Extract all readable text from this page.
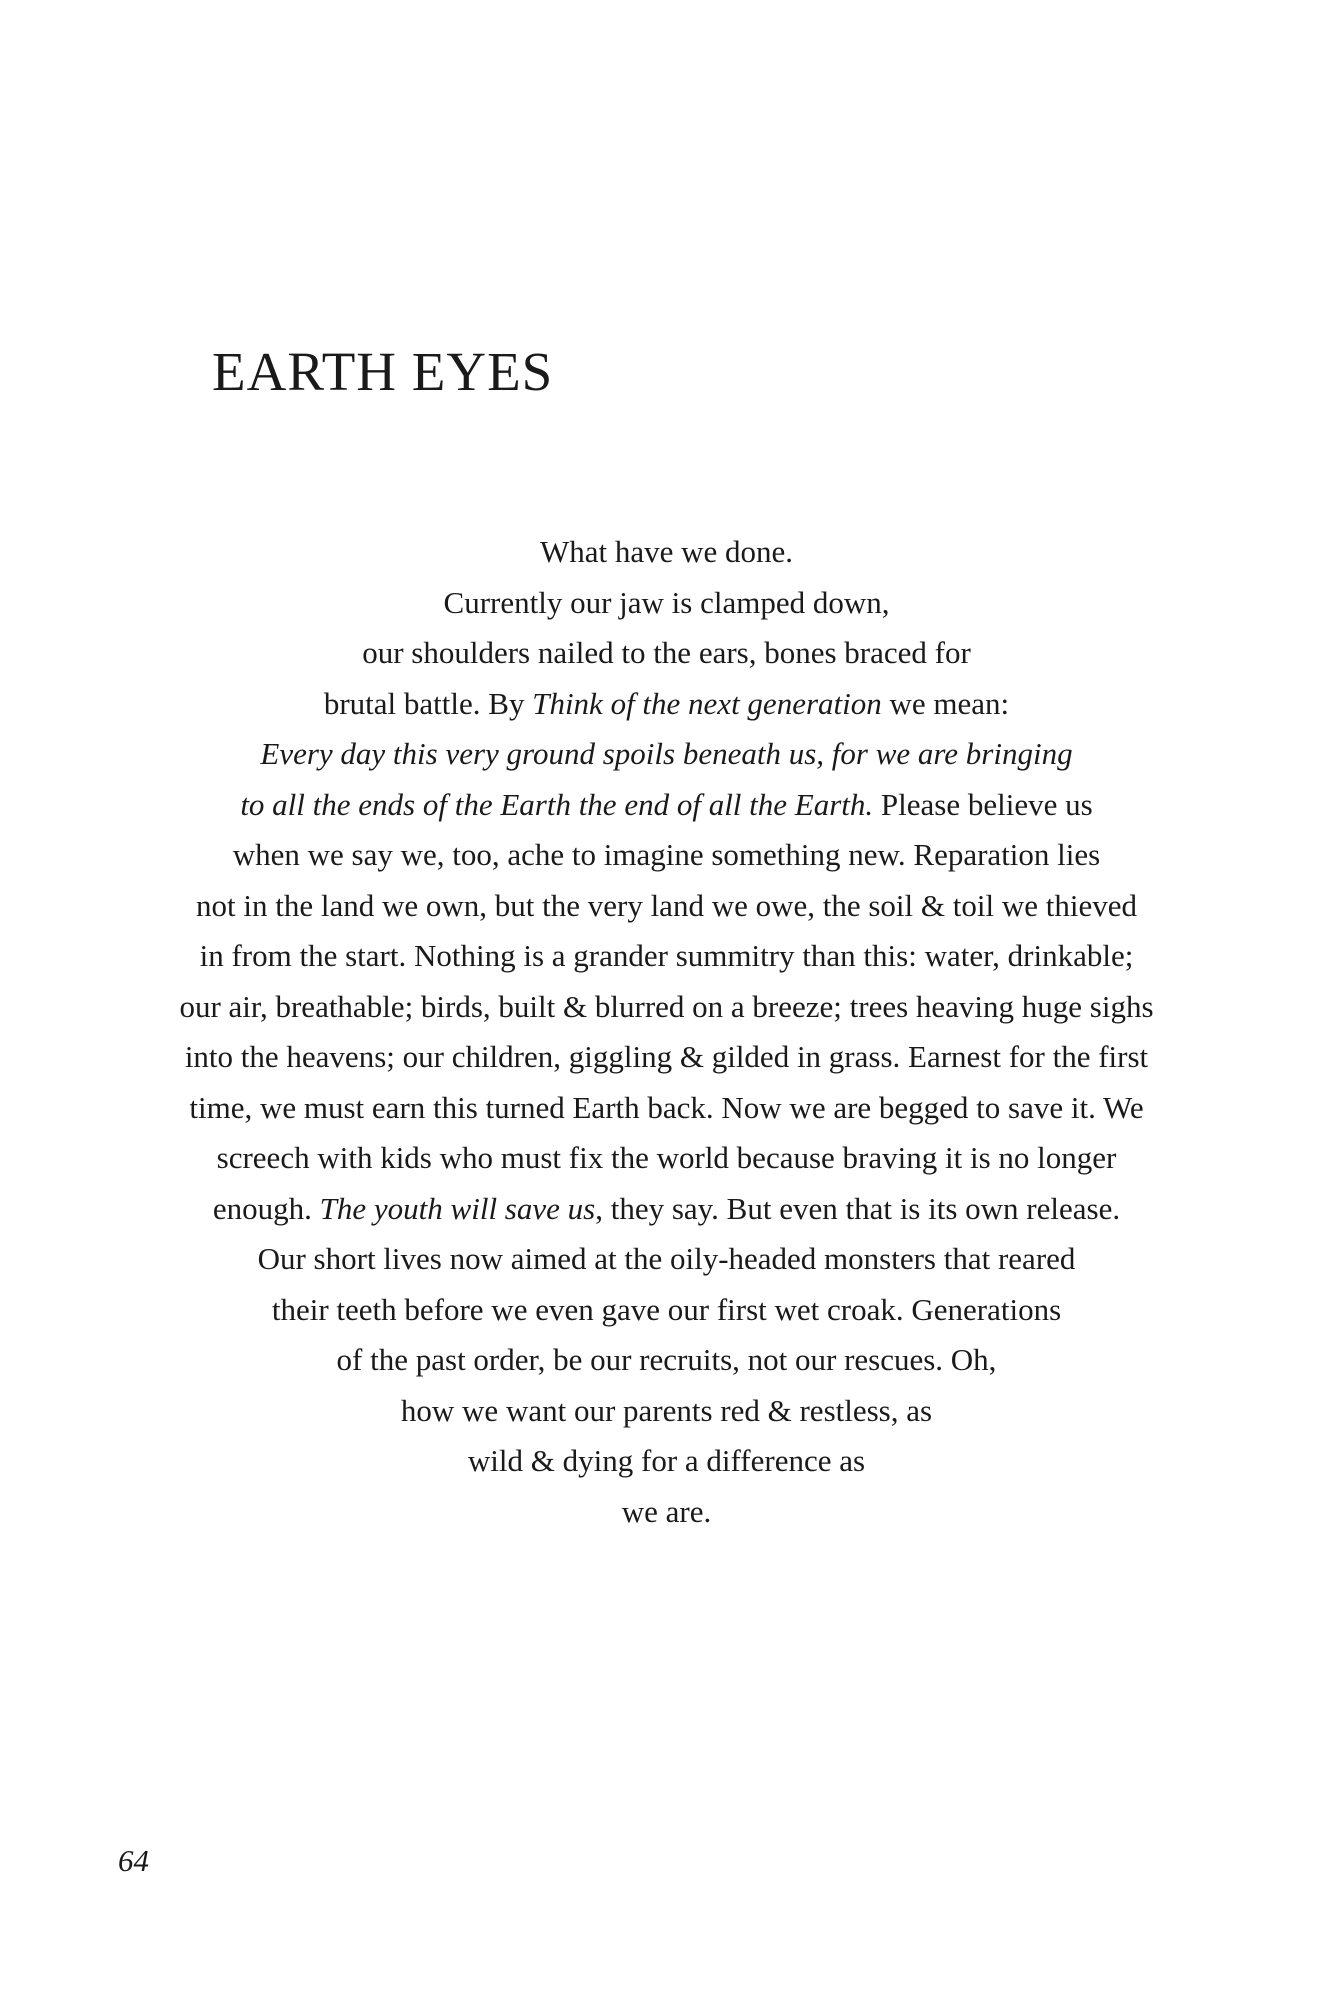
EARTH EYES
What have we done.
Currently our jaw is clamped down,
our shoulders nailed to the ears, bones braced for
brutal battle. By Think of the next generation we mean:
Every day this very ground spoils beneath us, for we are bringing
to all the ends of the Earth the end of all the Earth. Please believe us
when we say we, too, ache to imagine something new. Reparation lies
not in the land we own, but the very land we owe, the soil & toil we thieved
in from the start. Nothing is a grander summitry than this: water, drinkable;
our air, breathable; birds, built & blurred on a breeze; trees heaving huge sighs
into the heavens; our children, giggling & gilded in grass. Earnest for the first
time, we must earn this turned Earth back. Now we are begged to save it. We
screech with kids who must fix the world because braving it is no longer
enough. The youth will save us, they say. But even that is its own release.
Our short lives now aimed at the oily-headed monsters that reared
their teeth before we even gave our first wet croak. Generations
of the past order, be our recruits, not our rescues. Oh,
how we want our parents red & restless, as
wild & dying for a difference as
we are.
64
